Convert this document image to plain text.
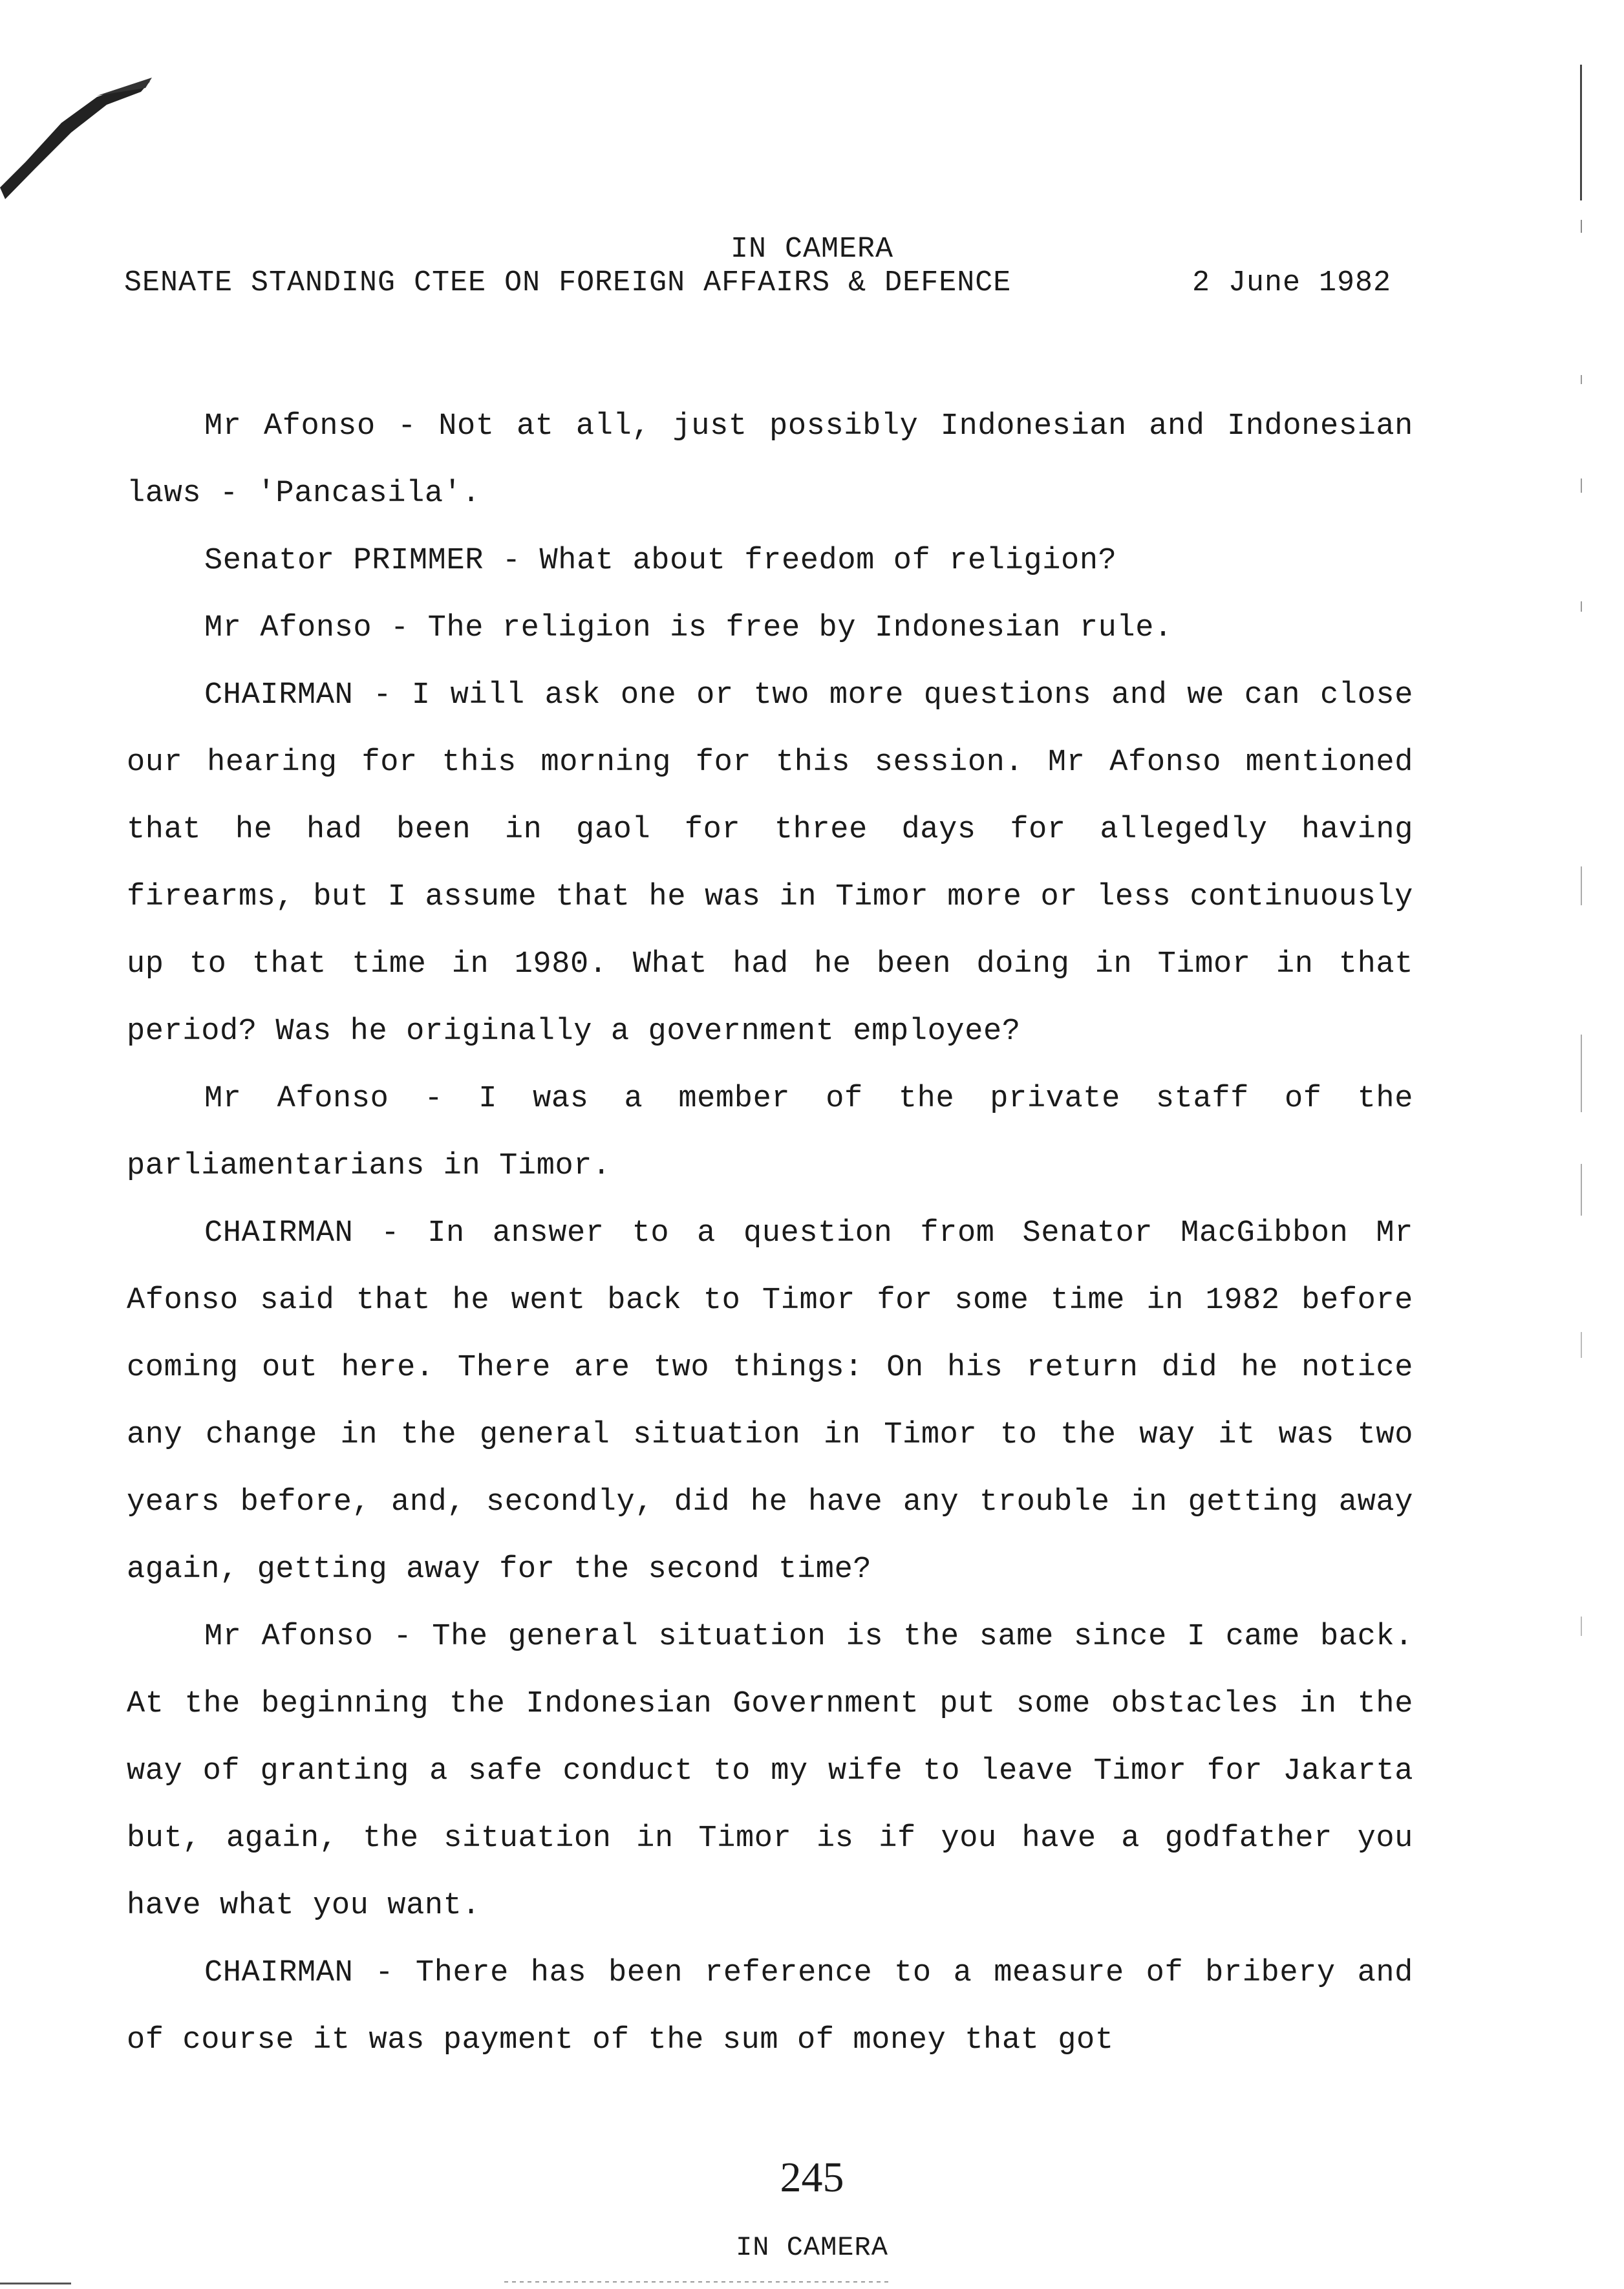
IN CAMERA
SENATE STANDING CTEE ON FOREIGN AFFAIRS & DEFENCE	2 June 1982

Mr Afonso - Not at all, just possibly Indonesian and Indonesian laws - 'Pancasila'.

Senator PRIMMER - What about freedom of religion?

Mr Afonso - The religion is free by Indonesian rule.

CHAIRMAN - I will ask one or two more questions and we can close our hearing for this morning for this session. Mr Afonso mentioned that he had been in gaol for three days for allegedly having firearms, but I assume that he was in Timor more or less continuously up to that time in 1980. What had he been doing in Timor in that period? Was he originally a government employee?

Mr Afonso - I was a member of the private staff of the parliamentarians in Timor.

CHAIRMAN - In answer to a question from Senator MacGibbon Mr Afonso said that he went back to Timor for some time in 1982 before coming out here. There are two things: On his return did he notice any change in the general situation in Timor to the way it was two years before, and, secondly, did he have any trouble in getting away again, getting away for the second time?

Mr Afonso - The general situation is the same since I came back. At the beginning the Indonesian Government put some obstacles in the way of granting a safe conduct to my wife to leave Timor for Jakarta but, again, the situation in Timor is if you have a godfather you have what you want.

CHAIRMAN - There has been reference to a measure of bribery and of course it was payment of the sum of money that got

245
IN CAMERA
